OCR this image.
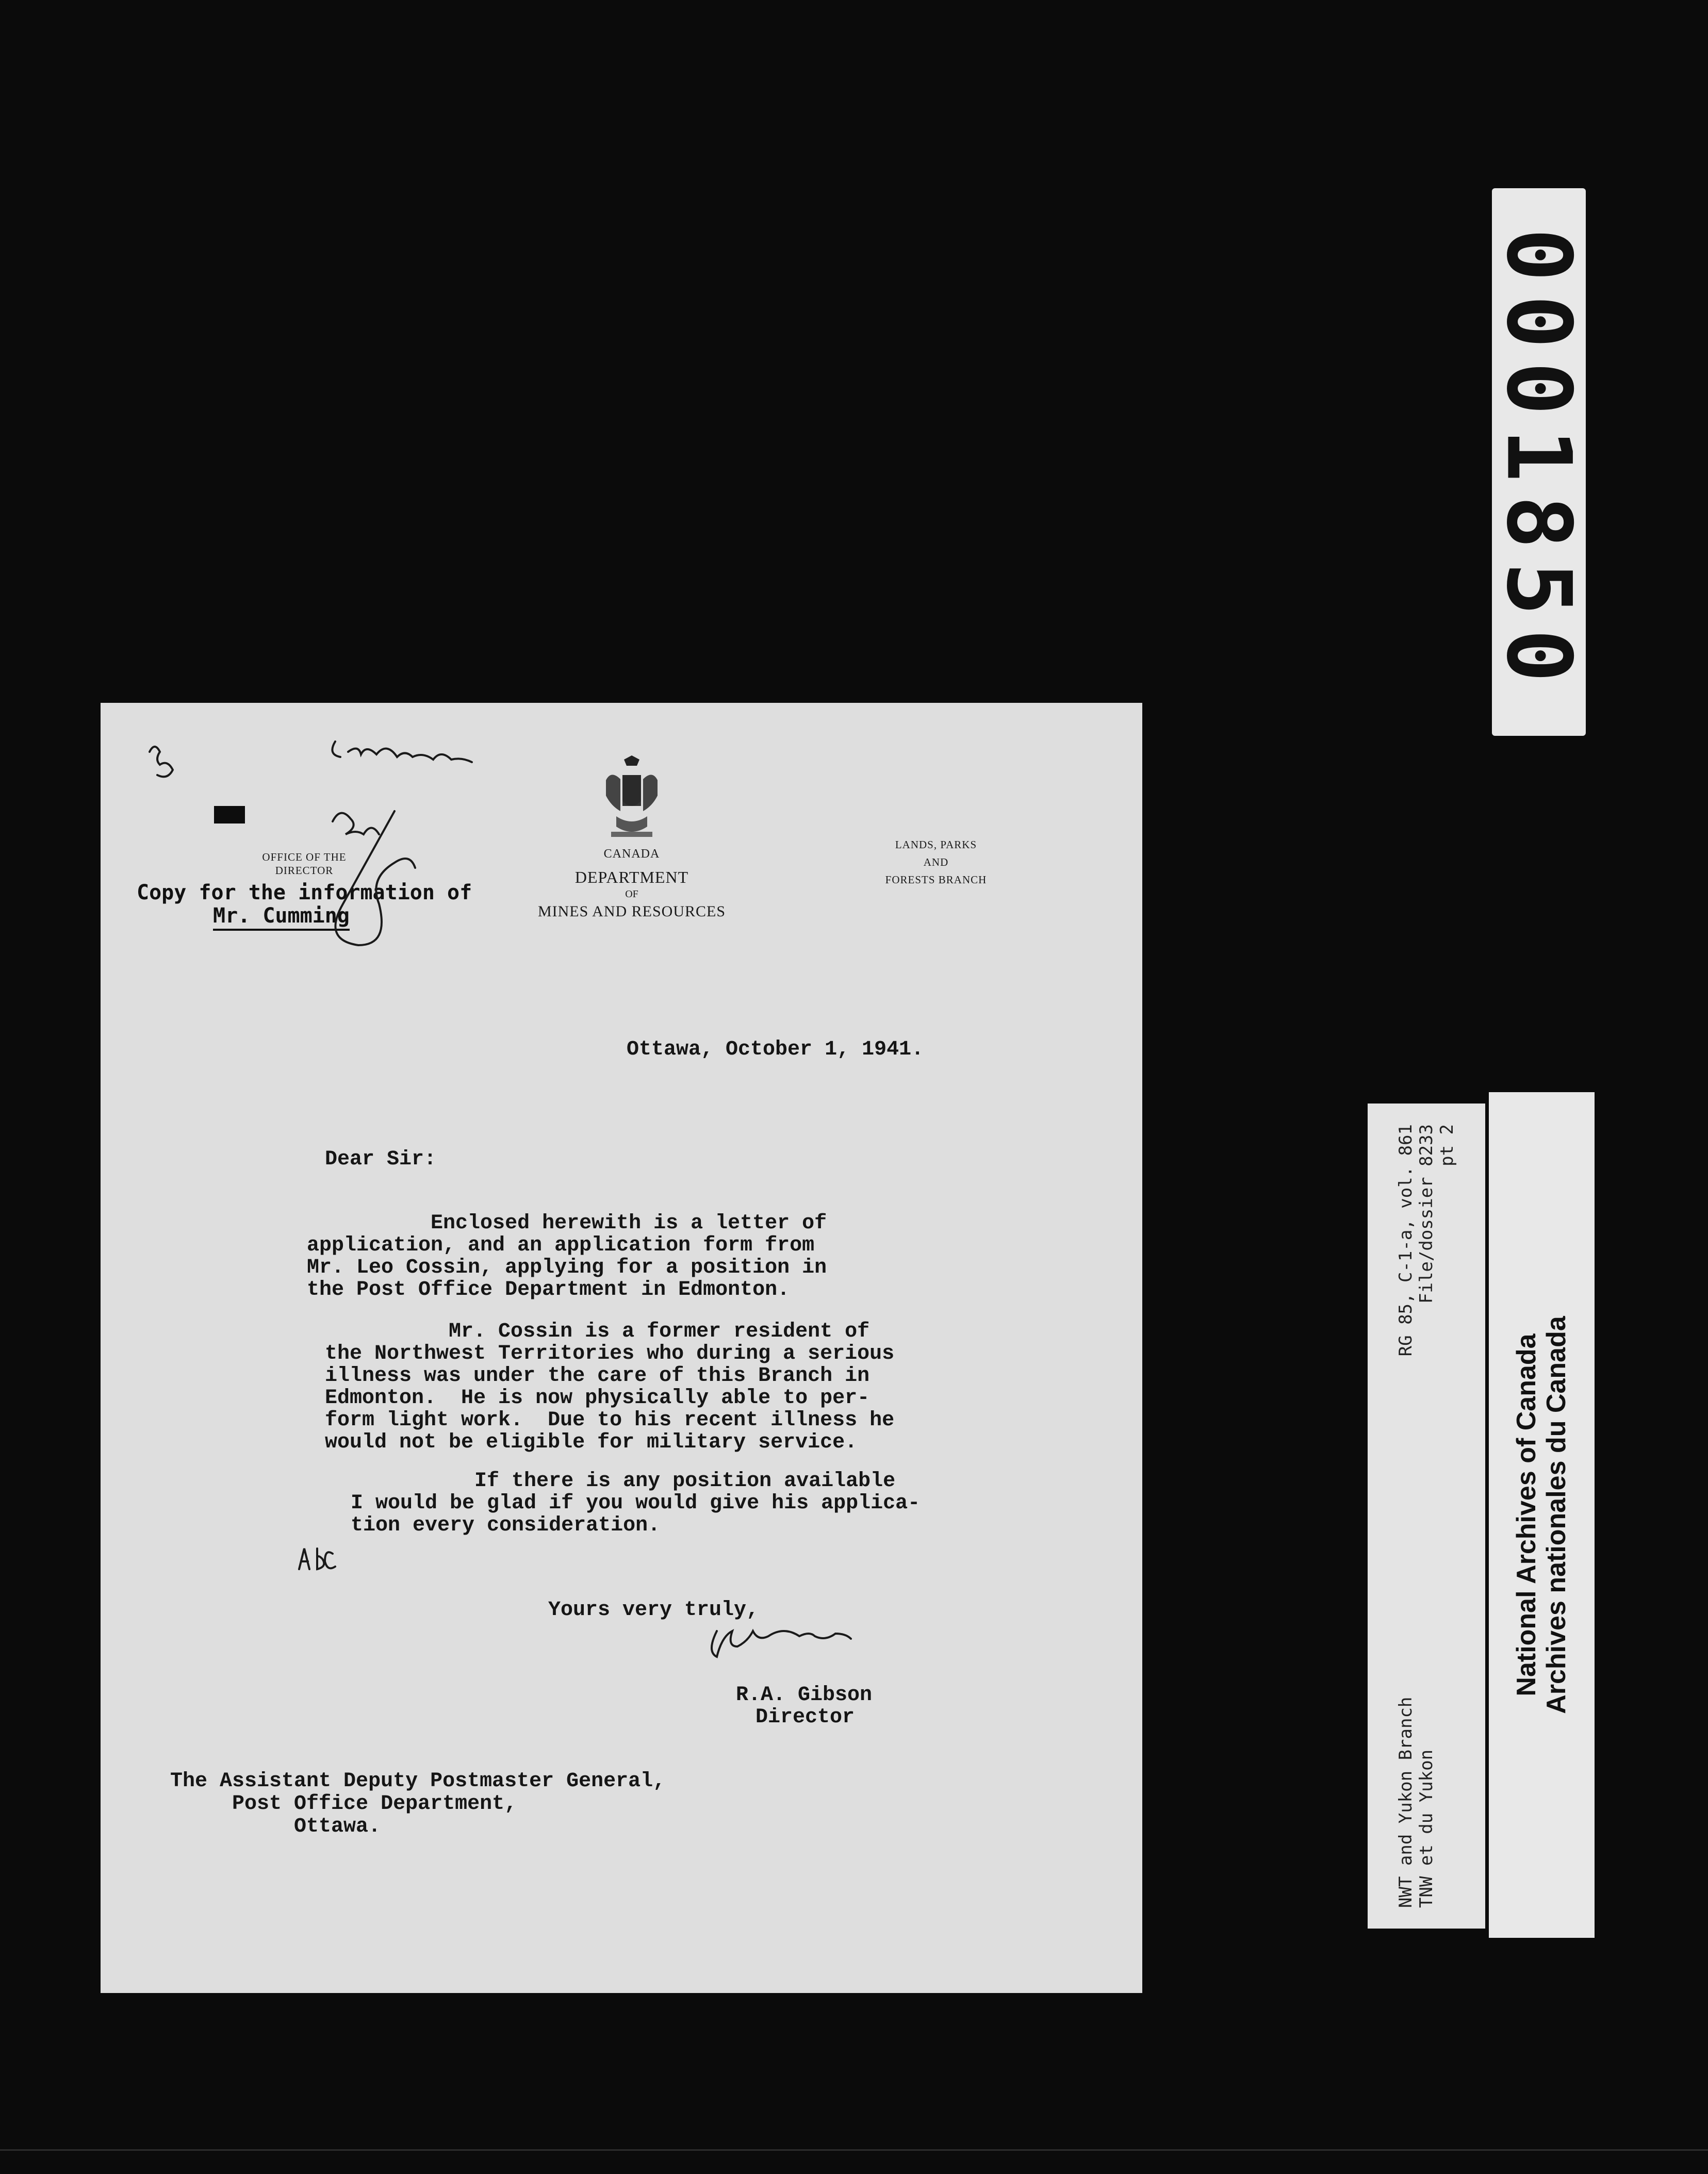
0001850
NWT and Yukon Branch
RG 85, C-1-a, vol. 861
TNW et du Yukon
File/dossier 8233 pt 2
National Archives of Canada Archives nationales du Canada
CANADA
DEPARTMENT
OF
MINES AND RESOURCES
OFFICE OF THE
DIRECTOR
LANDS, PARKS
AND
FORESTS BRANCH
Copy for the information of
Mr. Cumming
Ottawa, October 1, 1941.
Dear Sir:
Enclosed herewith is a letter of
application, and an application form from
Mr. Leo Cossin, applying for a position in
the Post Office Department in Edmonton.
Mr. Cossin is a former resident of
the Northwest Territories who during a serious
illness was under the care of this Branch in
Edmonton.  He is now physically able to per-
form light work.  Due to his recent illness he
would not be eligible for military service.
If there is any position available
I would be glad if you would give his applica-
tion every consideration.
Yours very truly,
R.A. Gibson
Director
The Assistant Deputy Postmaster General,
Post Office Department,
Ottawa.
